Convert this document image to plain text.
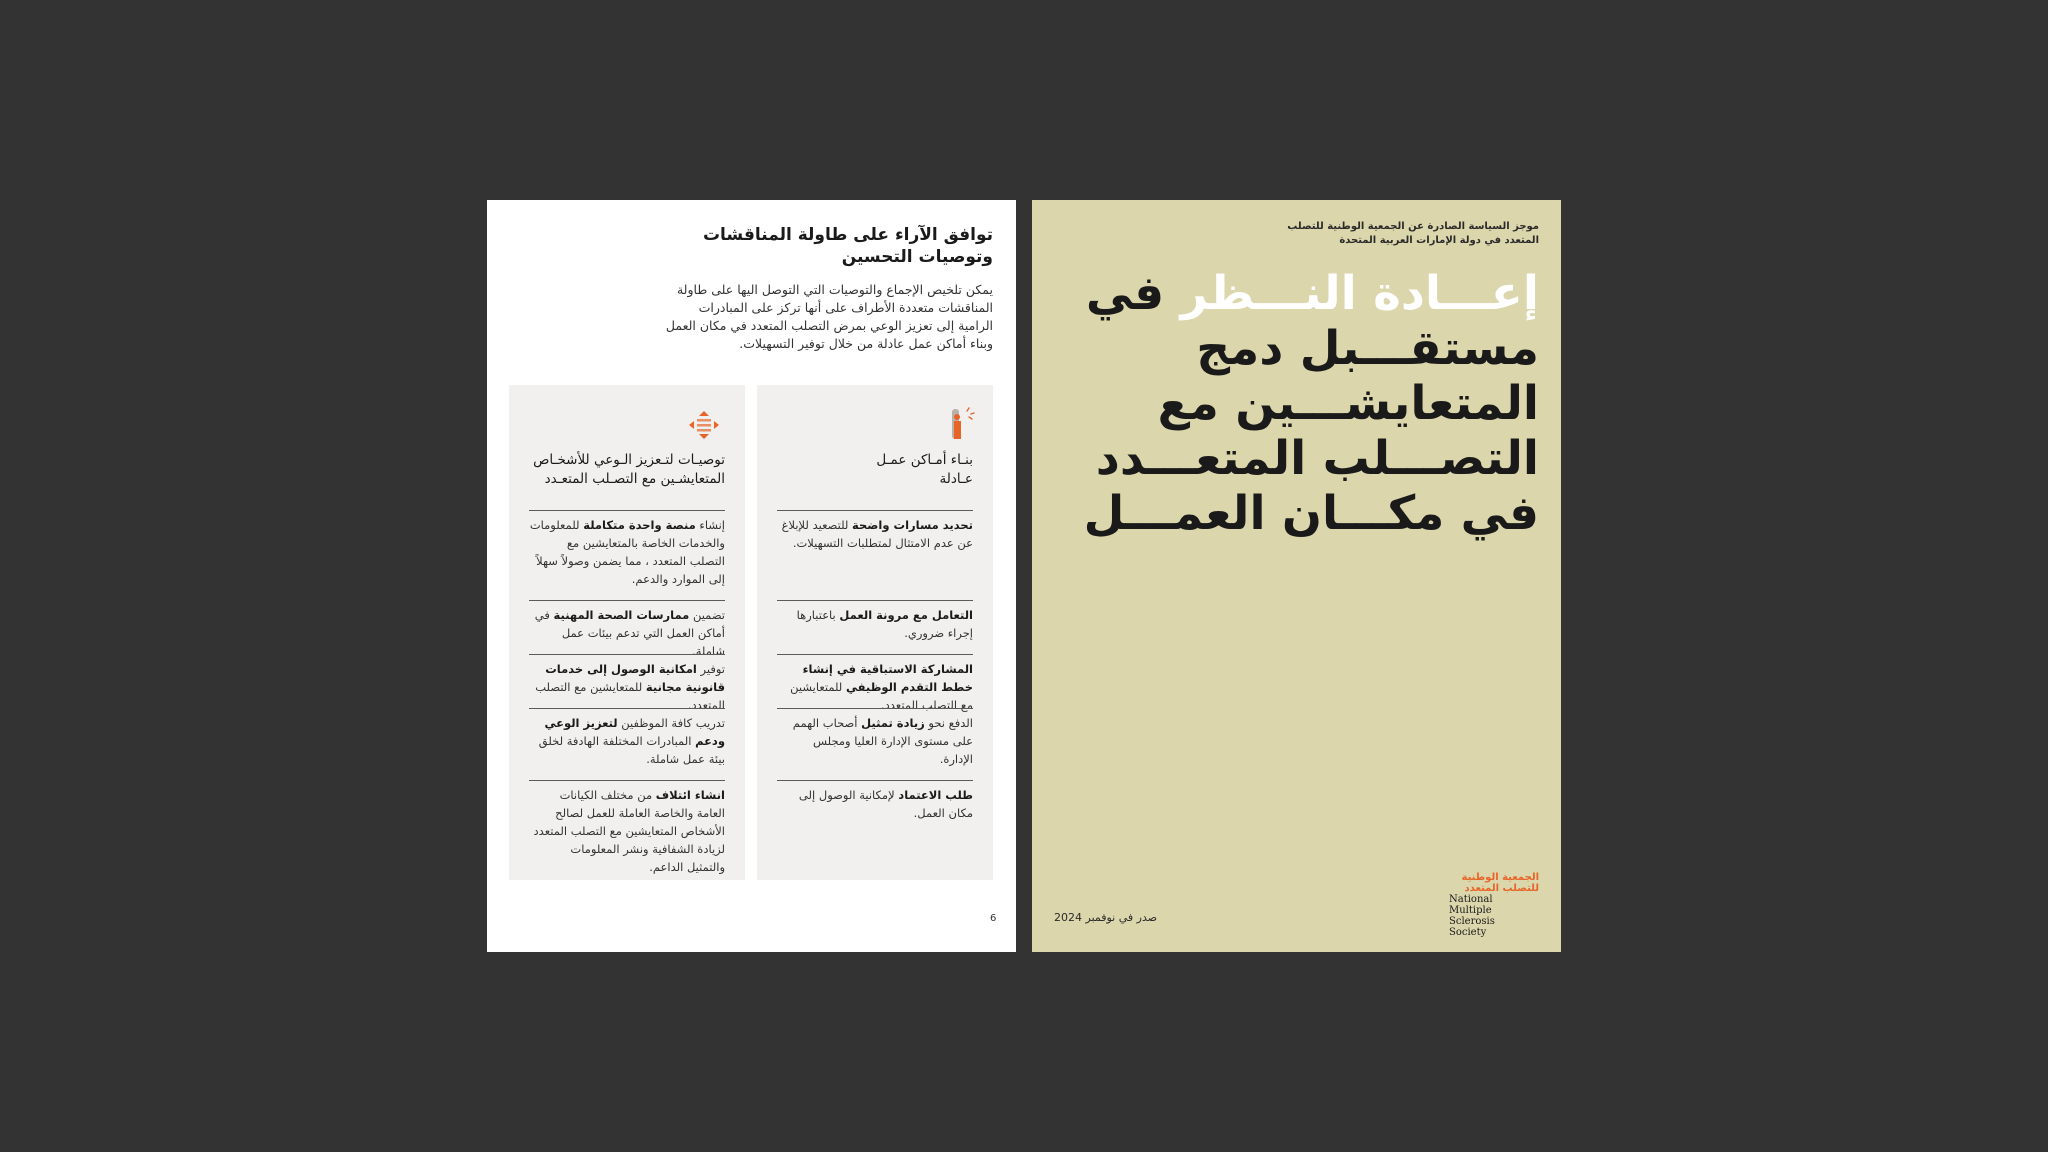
توافق الآراء على طاولة المناقشات
وتوصيات التحسين
يمكن تلخيص الإجماع والتوصيات التي التوصل اليها على طاولة المناقشات متعددة الأطراف على أنها تركز على المبادرات الرامية إلى تعزيز الوعي بمرض التصلب المتعدد في مكان العمل وبناء أماكن عمل عادلة من خلال توفير التسهيلات.
بنـاء أمـاكن عمـل
عـادلة
تحديد مسارات واضحة للتصعيد للإبلاغ عن عدم الامتثال لمتطلبات التسهيلات.
التعامل مع مرونة العمل باعتبارها إجراء ضروري.
المشاركة الاستباقية في إنشاء خطط التقدم الوظيفي للمتعايشين مع التصلب المتعدد.
الدفع نحو زيادة تمثيل أصحاب الهمم على مستوى الإدارة العليا ومجلس الإدارة.
طلب الاعتماد لإمكانية الوصول إلى مكان العمل.
توصيـات لتـعزيز الـوعي للأشخـاص
المتعايشـين مع التصـلب المتعـدد
إنشاء منصة واحدة متكاملة للمعلومات والخدمات الخاصة بالمتعايشين مع التصلب المتعدد ، مما يضمن وصولاً سهلاً إلى الموارد والدعم.
تضمين ممارسات الصحة المهنية في أماكن العمل التي تدعم بيئات عمل شاملة.
توفير امكانية الوصول إلى خدمات قانونية مجانية للمتعايشين مع التصلب المتعدد.
تدريب كافة الموظفين لتعزيز الوعي ودعم المبادرات المختلفة الهادفة لخلق بيئة عمل شاملة.
انشاء ائتلاف من مختلف الكيانات العامة والخاصة العاملة للعمل لصالح الأشخاص المتعايشين مع التصلب المتعدد لزيادة الشفافية ونشر المعلومات والتمثيل الداعم.
6
موجز السياسة الصادرة عن الجمعية الوطنية للتصلب المتعدد في دولة الإمارات العربية المتحدة
إعـــادة النـــظر في مستقـــبل دمج المتعايشـــين مع التصـــلب المتعـــدد في مكـــان العمـــل
صدر في نوفمبر 2024
الجمعية الوطنية للتصلب المتعدد
National
Multiple Sclerosis
Society
